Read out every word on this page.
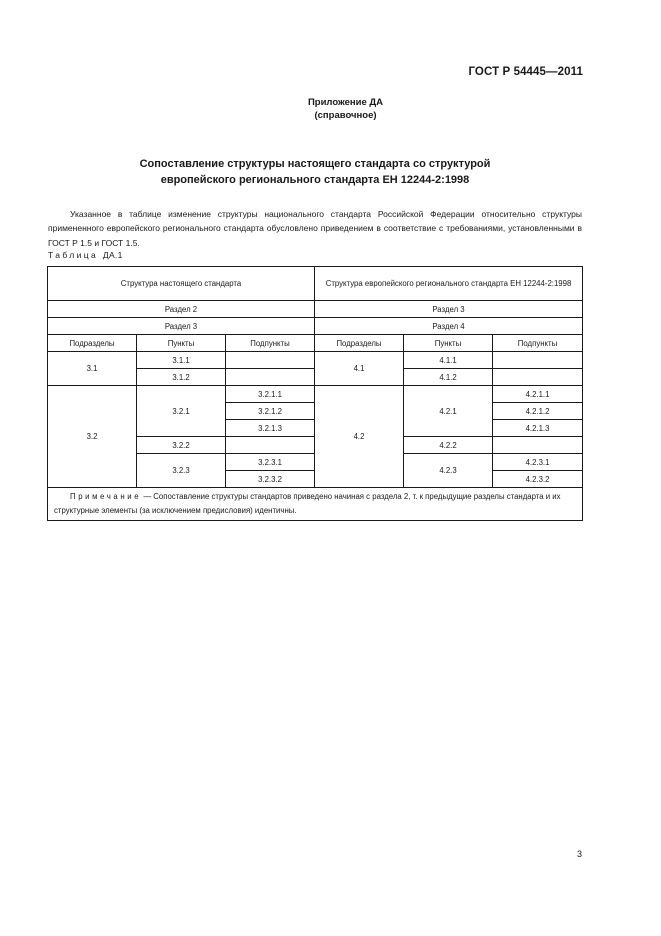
ГОСТ Р 54445—2011
Приложение ДА
(справочное)
Сопоставление структуры настоящего стандарта со структурой
европейского регионального стандарта ЕН 12244-2:1998

Указанное в таблице изменение структуры национального стандарта Российской Федерации относительно структуры примененного европейского регионального стандарта обусловлено приведением в соответствие с требованиями, установленными в ГОСТ Р 1.5 и ГОСТ 1.5.

Таблица ДА.1
Структура настоящего стандарта			Структура европейского регионального стандарта ЕН 12244-2:1998		
Раздел 2			Раздел 3		
Раздел 3			Раздел 4		
Подразделы	Пункты	Подпункты	Подразделы	Пункты	Подпункты
3.1	3.1.1		4.1	4.1.1	
	3.1.2			4.1.2	
3.2	3.2.1	3.2.1.1	4.2	4.2.1	4.2.1.1
		3.2.1.2			4.2.1.2
		3.2.1.3			4.2.1.3
	3.2.2			4.2.2	
	3.2.3	3.2.3.1		4.2.3	4.2.3.1
		3.2.3.2			4.2.3.2
Примечание — Сопоставление структуры стандартов приведено начиная с раздела 2, т. к предыдущие разделы стандарта и их структурные элементы (за исключением предисловия) идентичны.					
3
